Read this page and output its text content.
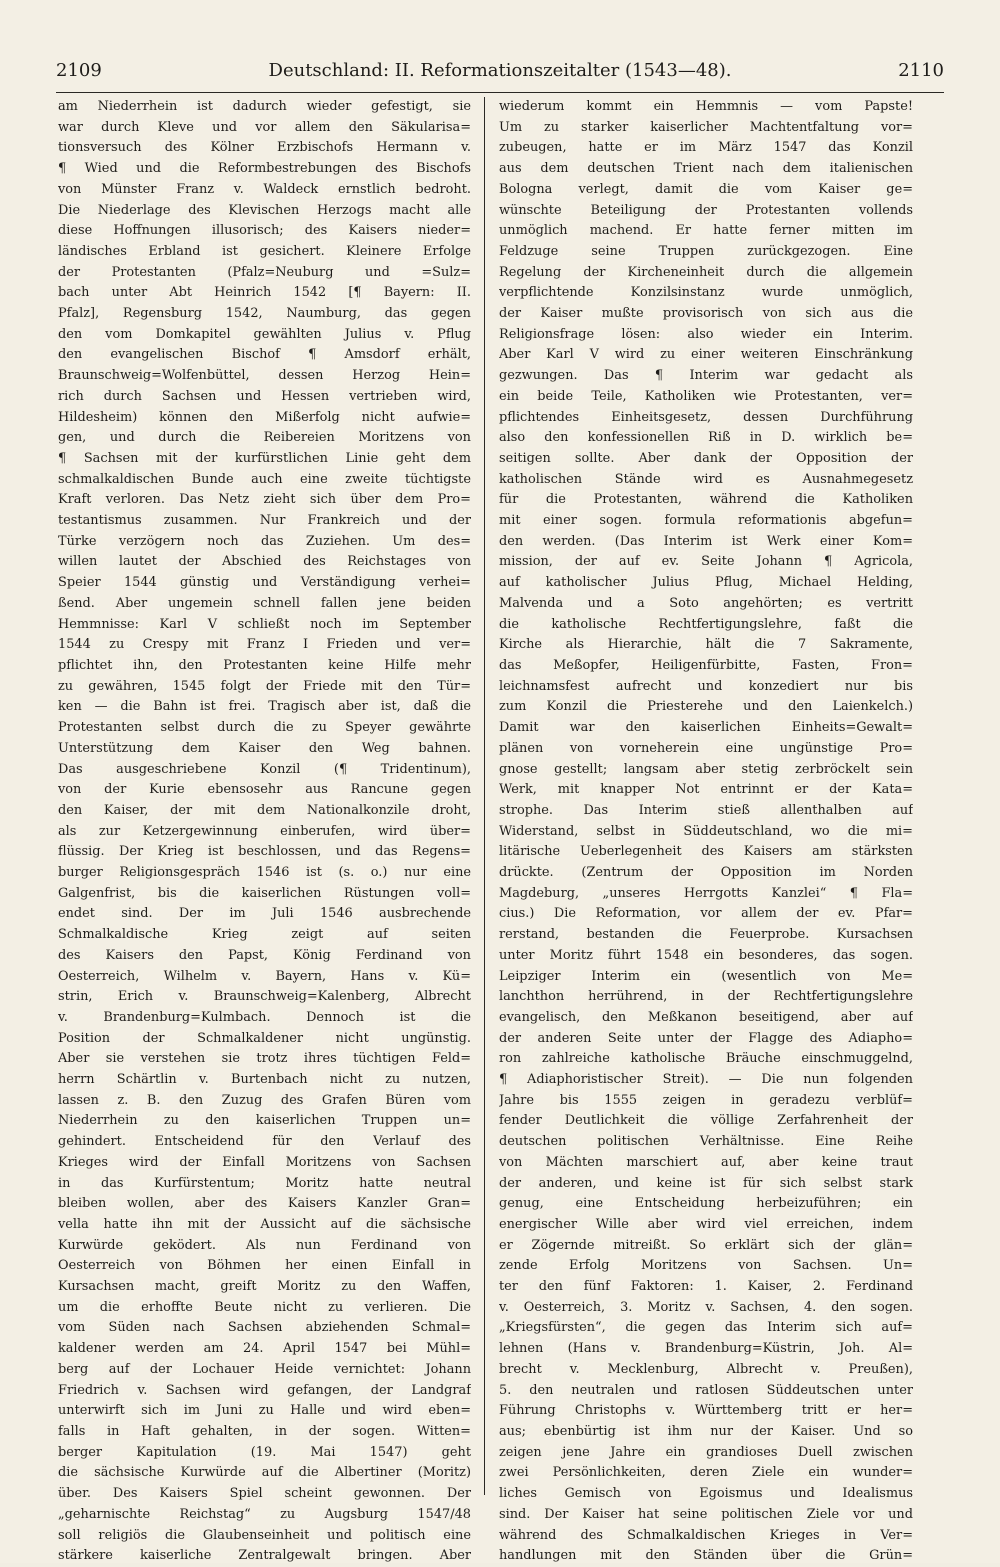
2109	Deutschland: II. Reformationszeitalter (1543—48).	2110
am Niederrhein ist dadurch wieder gefestigt, sie
war durch Kleve und vor allem den Säkularisa=
tionsversuch des Kölner Erzbischofs Hermann v.
¶ Wied und die Reformbestrebungen des Bischofs
von Münster Franz v. Waldeck ernstlich bedroht.
Die Niederlage des Klevischen Herzogs macht alle
diese Hoffnungen illusorisch; des Kaisers nieder=
ländisches Erbland ist gesichert. Kleinere Erfolge
der Protestanten (Pfalz=Neuburg und =Sulz=
bach unter Abt Heinrich 1542 [¶ Bayern: II.
Pfalz], Regensburg 1542, Naumburg, das gegen
den vom Domkapitel gewählten Julius v. Pflug
den evangelischen Bischof ¶ Amsdorf erhält,
Braunschweig=Wolfenbüttel, dessen Herzog Hein=
rich durch Sachsen und Hessen vertrieben wird,
Hildesheim) können den Mißerfolg nicht aufwie=
gen, und durch die Reibereien Moritzens von
¶ Sachsen mit der kurfürstlichen Linie geht dem
schmalkaldischen Bunde auch eine zweite tüchtigste
Kraft verloren. Das Netz zieht sich über dem Pro=
testantismus zusammen. Nur Frankreich und der
Türke verzögern noch das Zuziehen. Um des=
willen lautet der Abschied des Reichstages von
Speier 1544 günstig und Verständigung verhei=
ßend. Aber ungemein schnell fallen jene beiden
Hemmnisse: Karl V schließt noch im September
1544 zu Crespy mit Franz I Frieden und ver=
pflichtet ihn, den Protestanten keine Hilfe mehr
zu gewähren, 1545 folgt der Friede mit den Tür=
ken — die Bahn ist frei. Tragisch aber ist, daß die
Protestanten selbst durch die zu Speyer gewährte
Unterstützung dem Kaiser den Weg bahnen.
Das ausgeschriebene Konzil (¶ Tridentinum),
von der Kurie ebensosehr aus Rancune gegen
den Kaiser, der mit dem Nationalkonzile droht,
als zur Ketzergewinnung einberufen, wird über=
flüssig. Der Krieg ist beschlossen, und das Regens=
burger Religionsgespräch 1546 ist (s. o.) nur eine
Galgenfrist, bis die kaiserlichen Rüstungen voll=
endet sind. Der im Juli 1546 ausbrechende
Schmalkaldische Krieg zeigt auf seiten
des Kaisers den Papst, König Ferdinand von
Oesterreich, Wilhelm v. Bayern, Hans v. Kü=
strin, Erich v. Braunschweig=Kalenberg, Albrecht
v. Brandenburg=Kulmbach. Dennoch ist die
Position der Schmalkaldener nicht ungünstig.
Aber sie verstehen sie trotz ihres tüchtigen Feld=
herrn Schärtlin v. Burtenbach nicht zu nutzen,
lassen z. B. den Zuzug des Grafen Büren vom
Niederrhein zu den kaiserlichen Truppen un=
gehindert. Entscheidend für den Verlauf des
Krieges wird der Einfall Moritzens von Sachsen
in das Kurfürstentum; Moritz hatte neutral
bleiben wollen, aber des Kaisers Kanzler Gran=
vella hatte ihn mit der Aussicht auf die sächsische
Kurwürde geködert. Als nun Ferdinand von
Oesterreich von Böhmen her einen Einfall in
Kursachsen macht, greift Moritz zu den Waffen,
um die erhoffte Beute nicht zu verlieren. Die
vom Süden nach Sachsen abziehenden Schmal=
kaldener werden am 24. April 1547 bei Mühl=
berg auf der Lochauer Heide vernichtet: Johann
Friedrich v. Sachsen wird gefangen, der Landgraf
unterwirft sich im Juni zu Halle und wird eben=
falls in Haft gehalten, in der sogen. Witten=
berger Kapitulation (19. Mai 1547) geht
die sächsische Kurwürde auf die Albertiner (Moritz)
über. Des Kaisers Spiel scheint gewonnen. Der
„geharnischte Reichstag“ zu Augsburg 1547/48
soll religiös die Glaubenseinheit und politisch eine
stärkere kaiserliche Zentralgewalt bringen. Aber
wiederum kommt ein Hemmnis — vom Papste!
Um zu starker kaiserlicher Machtentfaltung vor=
zubeugen, hatte er im März 1547 das Konzil
aus dem deutschen Trient nach dem italienischen
Bologna verlegt, damit die vom Kaiser ge=
wünschte Beteiligung der Protestanten vollends
unmöglich machend. Er hatte ferner mitten im
Feldzuge seine Truppen zurückgezogen. Eine
Regelung der Kircheneinheit durch die allgemein
verpflichtende Konzilsinstanz wurde unmöglich,
der Kaiser mußte provisorisch von sich aus die
Religionsfrage lösen: also wieder ein Interim.
Aber Karl V wird zu einer weiteren Einschränkung
gezwungen. Das ¶ Interim war gedacht als
ein beide Teile, Katholiken wie Protestanten, ver=
pflichtendes Einheitsgesetz, dessen Durchführung
also den konfessionellen Riß in D. wirklich be=
seitigen sollte. Aber dank der Opposition der
katholischen Stände wird es Ausnahmegesetz
für die Protestanten, während die Katholiken
mit einer sogen. formula reformationis abgefun=
den werden. (Das Interim ist Werk einer Kom=
mission, der auf ev. Seite Johann ¶ Agricola,
auf katholischer Julius Pflug, Michael Helding,
Malvenda und a Soto angehörten; es vertritt
die katholische Rechtfertigungslehre, faßt die
Kirche als Hierarchie, hält die 7 Sakramente,
das Meßopfer, Heiligenfürbitte, Fasten, Fron=
leichnamsfest aufrecht und konzediert nur bis
zum Konzil die Priesterehe und den Laienkelch.)
Damit war den kaiserlichen Einheits=Gewalt=
plänen von vorneherein eine ungünstige Pro=
gnose gestellt; langsam aber stetig zerbröckelt sein
Werk, mit knapper Not entrinnt er der Kata=
strophe. Das Interim stieß allenthalben auf
Widerstand, selbst in Süddeutschland, wo die mi=
litärische Ueberlegenheit des Kaisers am stärksten
drückte. (Zentrum der Opposition im Norden
Magdeburg, „unseres Herrgotts Kanzlei“ ¶ Fla=
cius.) Die Reformation, vor allem der ev. Pfar=
rerstand, bestanden die Feuerprobe. Kursachsen
unter Moritz führt 1548 ein besonderes, das sogen.
Leipziger Interim ein (wesentlich von Me=
lanchthon herrührend, in der Rechtfertigungslehre
evangelisch, den Meßkanon beseitigend, aber auf
der anderen Seite unter der Flagge des Adiapho=
ron zahlreiche katholische Bräuche einschmuggelnd,
¶ Adiaphoristischer Streit). — Die nun folgenden
Jahre bis 1555 zeigen in geradezu verblüf=
fender Deutlichkeit die völlige Zerfahrenheit der
deutschen politischen Verhältnisse. Eine Reihe
von Mächten marschiert auf, aber keine traut
der anderen, und keine ist für sich selbst stark
genug, eine Entscheidung herbeizuführen; ein
energischer Wille aber wird viel erreichen, indem
er Zögernde mitreißt. So erklärt sich der glän=
zende Erfolg Moritzens von Sachsen. Un=
ter den fünf Faktoren: 1. Kaiser, 2. Ferdinand
v. Oesterreich, 3. Moritz v. Sachsen, 4. den sogen.
„Kriegsfürsten“, die gegen das Interim sich auf=
lehnen (Hans v. Brandenburg=Küstrin, Joh. Al=
brecht v. Mecklenburg, Albrecht v. Preußen),
5. den neutralen und ratlosen Süddeutschen unter
Führung Christophs v. Württemberg tritt er her=
aus; ebenbürtig ist ihm nur der Kaiser. Und so
zeigen jene Jahre ein grandioses Duell zwischen
zwei Persönlichkeiten, deren Ziele ein wunder=
liches Gemisch von Egoismus und Idealismus
sind. Der Kaiser hat seine politischen Ziele vor und
während des Schmalkaldischen Krieges in Ver=
handlungen mit den Ständen über die Grün=
